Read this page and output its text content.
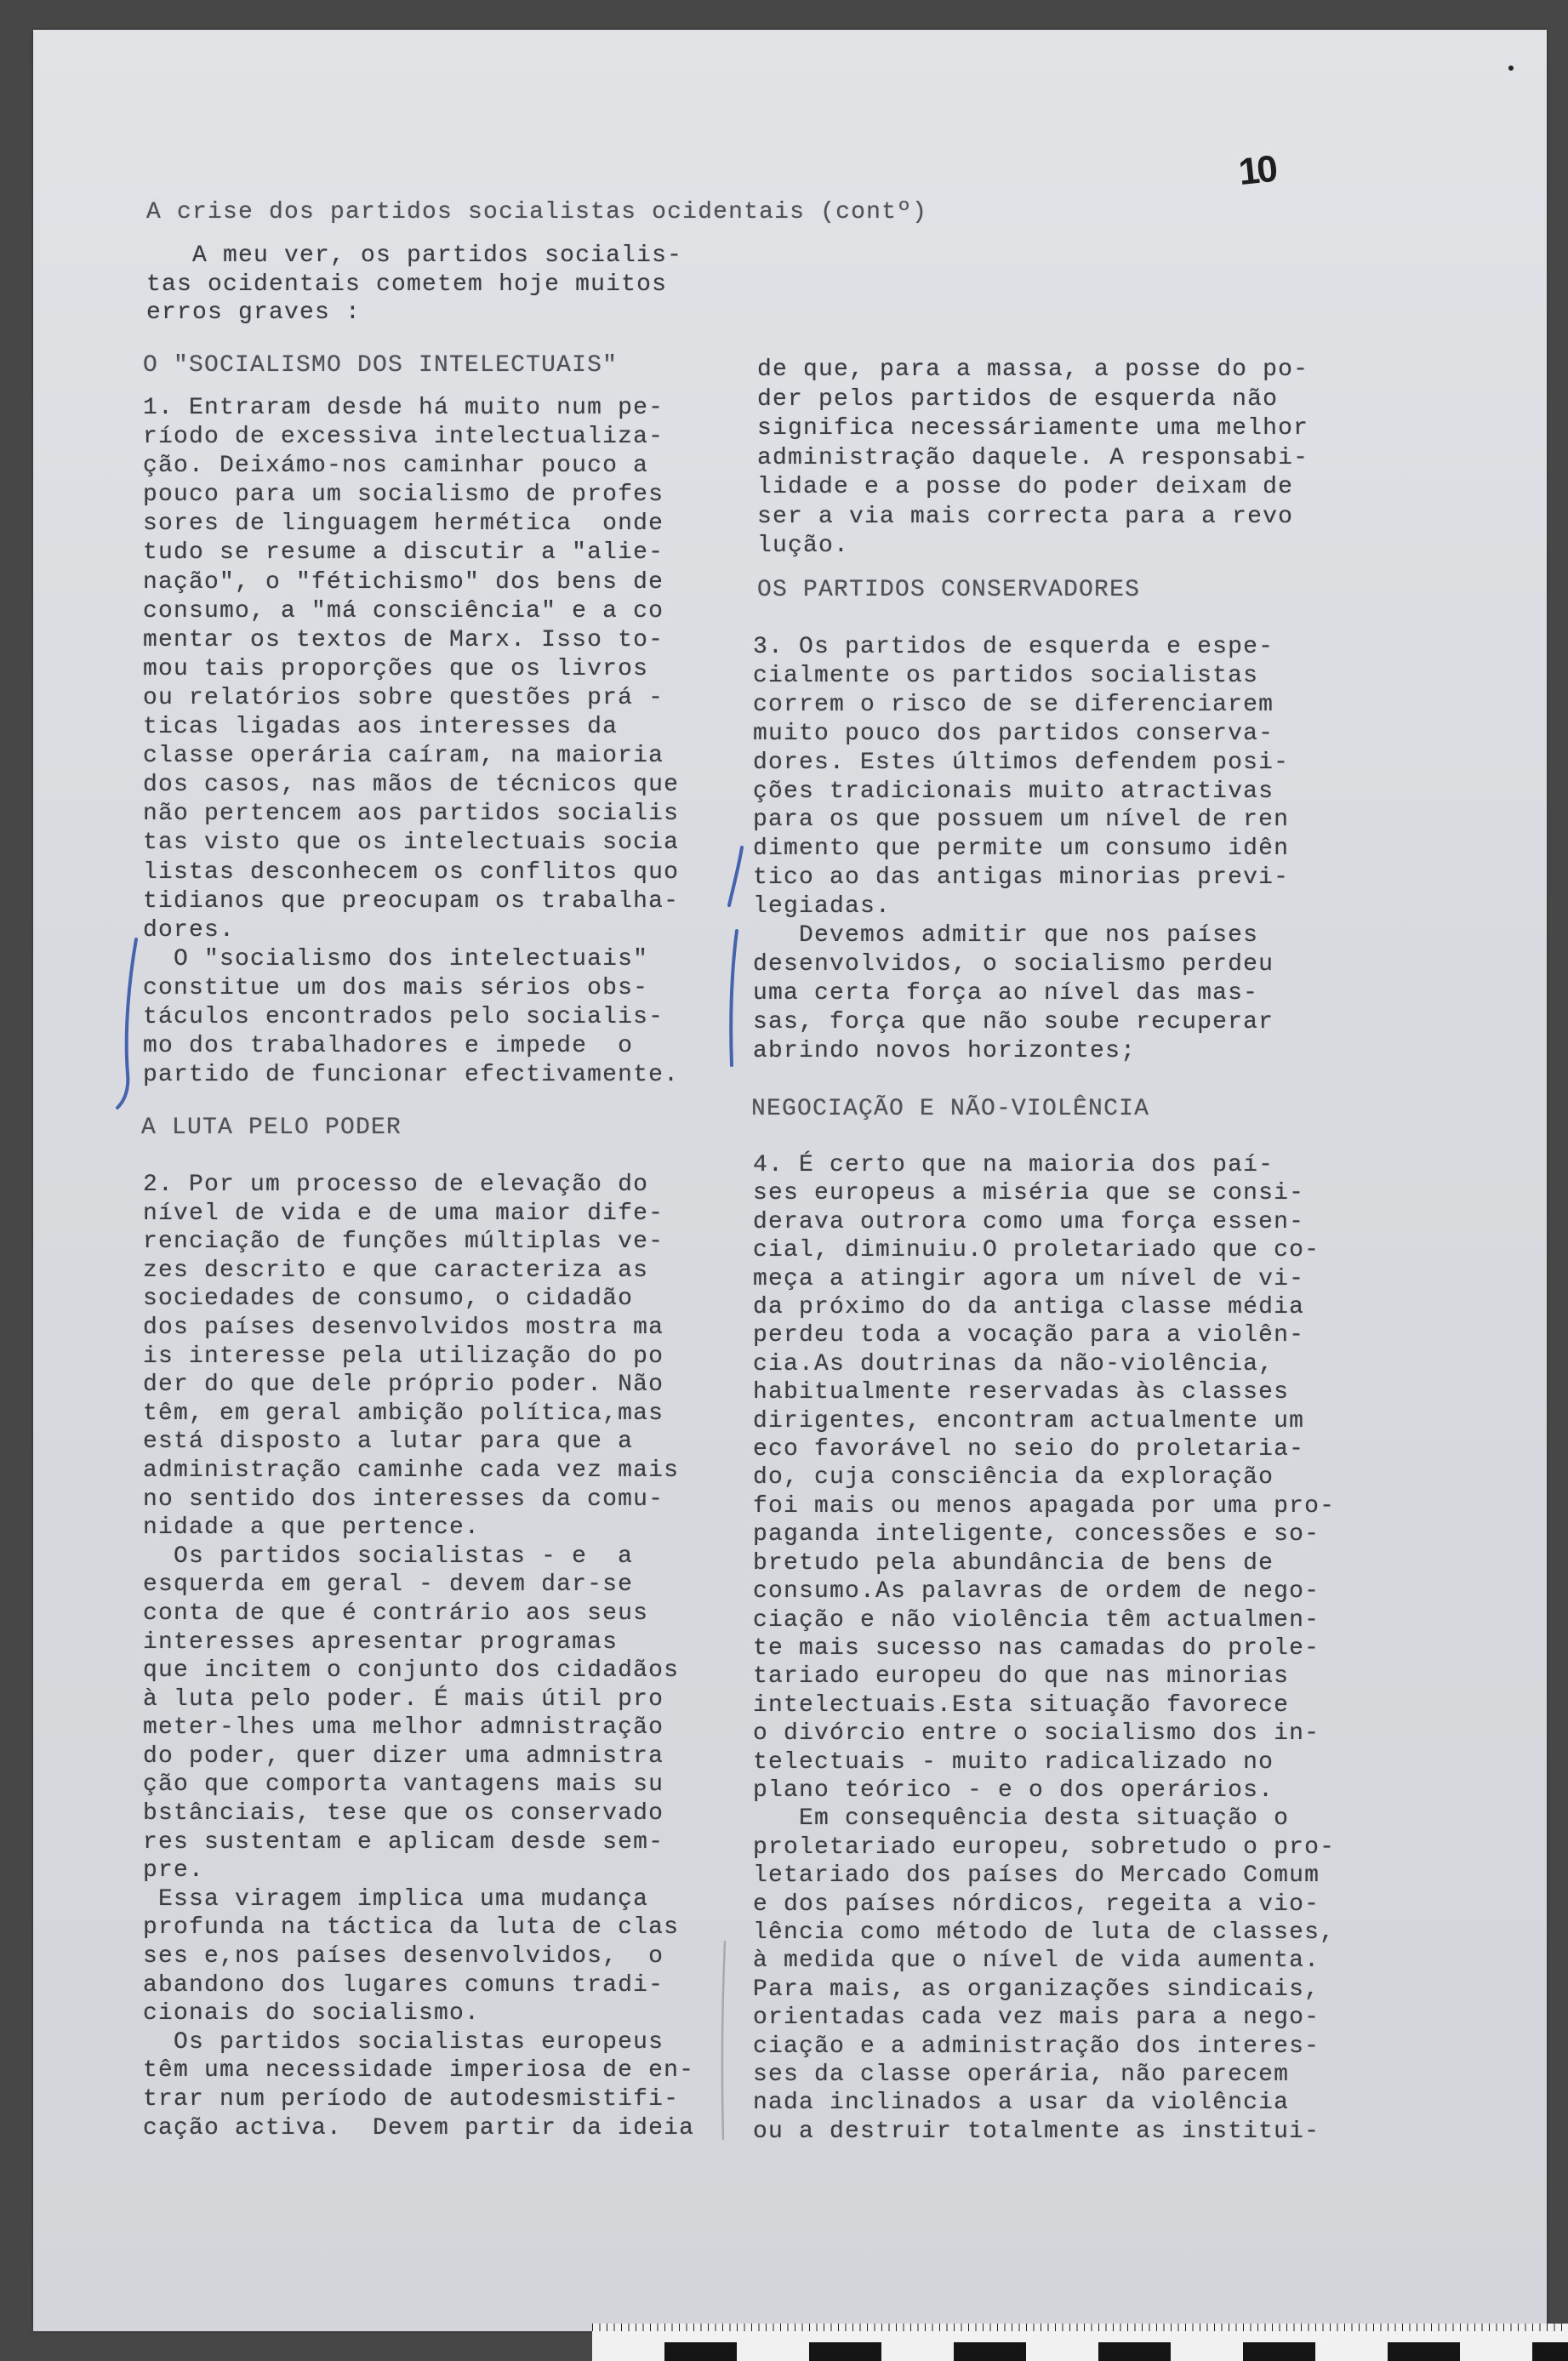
10
A crise dos partidos socialistas ocidentais (contº)
A meu ver, os partidos socialis-
tas ocidentais cometem hoje muitos
erros graves :
O "SOCIALISMO DOS INTELECTUAIS"
1. Entraram desde há muito num pe-
ríodo de excessiva intelectualiza-
ção. Deixámo-nos caminhar pouco a
pouco para um socialismo de profes
sores de linguagem hermética  onde
tudo se resume a discutir a "alie-
nação", o "fétichismo" dos bens de
consumo, a "má consciência" e a co
mentar os textos de Marx. Isso to-
mou tais proporções que os livros
ou relatórios sobre questões prá -
ticas ligadas aos interesses da
classe operária caíram, na maioria
dos casos, nas mãos de técnicos que
não pertencem aos partidos socialis
tas visto que os intelectuais socia
listas desconhecem os conflitos quo
tidianos que preocupam os trabalha-
dores.
O "socialismo dos intelectuais"
constitue um dos mais sérios obs-
táculos encontrados pelo socialis-
mo dos trabalhadores e impede  o
partido de funcionar efectivamente.
A LUTA PELO PODER
2. Por um processo de elevação do
nível de vida e de uma maior dife-
renciação de funções múltiplas ve-
zes descrito e que caracteriza as
sociedades de consumo, o cidadão
dos países desenvolvidos mostra ma
is interesse pela utilização do po
der do que dele próprio poder. Não
têm, em geral ambição política,mas
está disposto a lutar para que a
administração caminhe cada vez mais
no sentido dos interesses da comu-
nidade a que pertence.
Os partidos socialistas - e  a
esquerda em geral - devem dar-se
conta de que é contrário aos seus
interesses apresentar programas
que incitem o conjunto dos cidadãos
à luta pelo poder. É mais útil pro
meter-lhes uma melhor admnistração
do poder, quer dizer uma admnistra
ção que comporta vantagens mais su
bstânciais, tese que os conservado
res sustentam e aplicam desde sem-
pre.
Essa viragem implica uma mudança
profunda na táctica da luta de clas
ses e,nos países desenvolvidos,  o
abandono dos lugares comuns tradi-
cionais do socialismo.
Os partidos socialistas europeus
têm uma necessidade imperiosa de en-
trar num período de autodesmistifi-
cação activa.  Devem partir da ideia
de que, para a massa, a posse do po-
der pelos partidos de esquerda não
significa necessáriamente uma melhor
administração daquele. A responsabi-
lidade e a posse do poder deixam de
ser a via mais correcta para a revo
lução.
OS PARTIDOS CONSERVADORES
3. Os partidos de esquerda e espe-
cialmente os partidos socialistas
correm o risco de se diferenciarem
muito pouco dos partidos conserva-
dores. Estes últimos defendem posi-
ções tradicionais muito atractivas
para os que possuem um nível de ren
dimento que permite um consumo idên
tico ao das antigas minorias previ-
legiadas.
Devemos admitir que nos países
desenvolvidos, o socialismo perdeu
uma certa força ao nível das mas-
sas, força que não soube recuperar
abrindo novos horizontes;
NEGOCIAÇÃO E NÃO-VIOLÊNCIA
4. É certo que na maioria dos paí-
ses europeus a miséria que se consi-
derava outrora como uma força essen-
cial, diminuiu.O proletariado que co-
meça a atingir agora um nível de vi-
da próximo do da antiga classe média
perdeu toda a vocação para a violên-
cia.As doutrinas da não-violência,
habitualmente reservadas às classes
dirigentes, encontram actualmente um
eco favorável no seio do proletaria-
do, cuja consciência da exploração
foi mais ou menos apagada por uma pro-
paganda inteligente, concessões e so-
bretudo pela abundância de bens de
consumo.As palavras de ordem de nego-
ciação e não violência têm actualmen-
te mais sucesso nas camadas do prole-
tariado europeu do que nas minorias
intelectuais.Esta situação favorece
o divórcio entre o socialismo dos in-
telectuais - muito radicalizado no
plano teórico - e o dos operários.
Em consequência desta situação o
proletariado europeu, sobretudo o pro-
letariado dos países do Mercado Comum
e dos países nórdicos, regeita a vio-
lência como método de luta de classes,
à medida que o nível de vida aumenta.
Para mais, as organizações sindicais,
orientadas cada vez mais para a nego-
ciação e a administração dos interes-
ses da classe operária, não parecem
nada inclinados a usar da violência
ou a destruir totalmente as institui-
